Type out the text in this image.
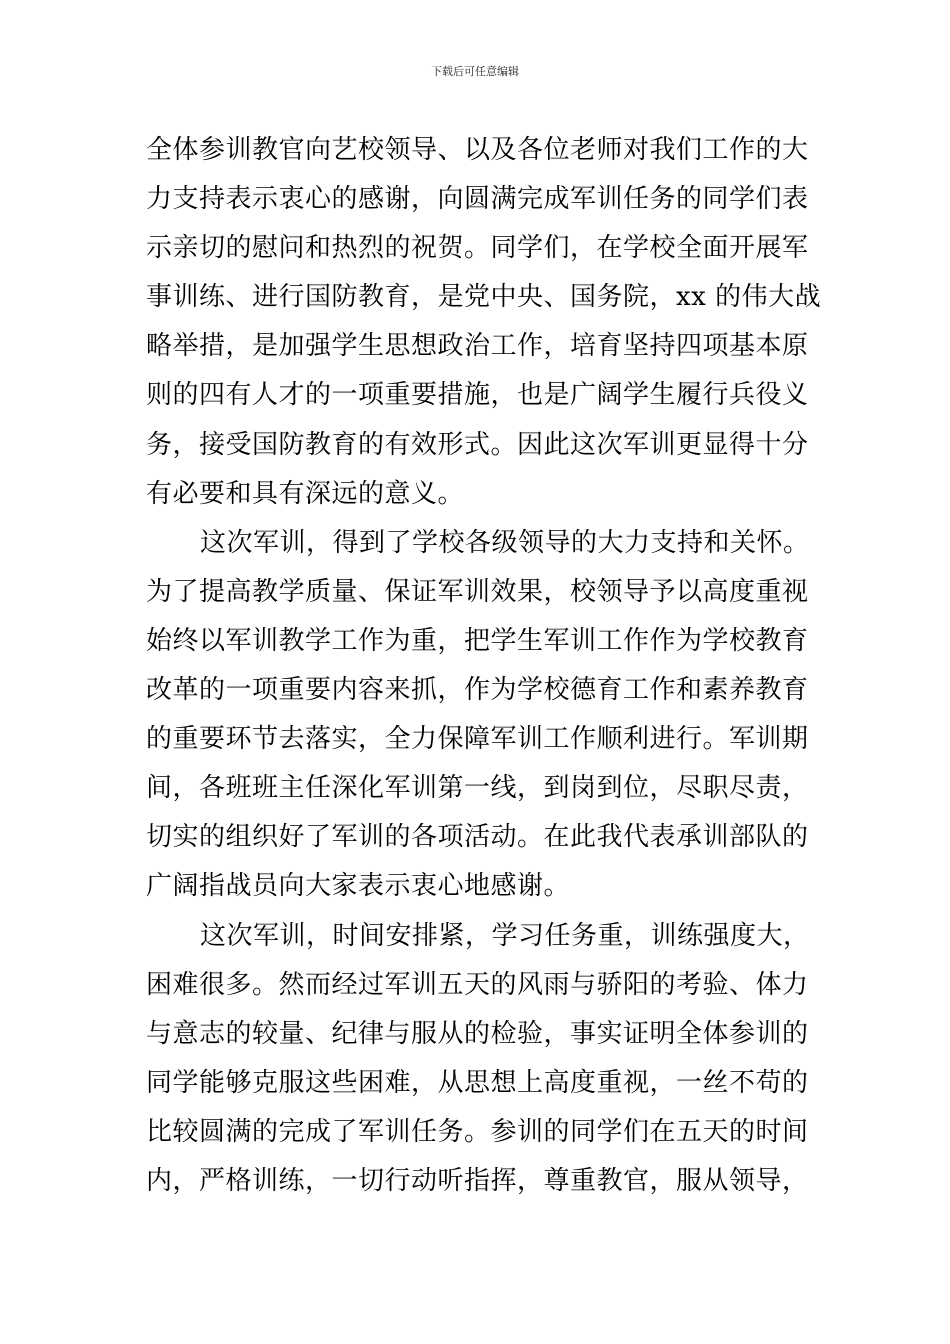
下载后可任意编辑
全体参训教官向艺校领导、以及各位老师对我们工作的大
力支持表示衷心的感谢，向圆满完成军训任务的同学们表
示亲切的慰问和热烈的祝贺。同学们，在学校全面开展军
事训练、进行国防教育，是党中央、国务院，xx 的伟大战
略举措，是加强学生思想政治工作，培育坚持四项基本原
则的四有人才的一项重要措施，也是广阔学生履行兵役义
务，接受国防教育的有效形式。因此这次军训更显得十分
有必要和具有深远的意义。
这次军训，得到了学校各级领导的大力支持和关怀。
为了提高教学质量、保证军训效果，校领导予以高度重视
始终以军训教学工作为重，把学生军训工作作为学校教育
改革的一项重要内容来抓，作为学校德育工作和素养教育
的重要环节去落实，全力保障军训工作顺利进行。军训期
间，各班班主任深化军训第一线，到岗到位，尽职尽责，
切实的组织好了军训的各项活动。在此我代表承训部队的
广阔指战员向大家表示衷心地感谢。
这次军训，时间安排紧，学习任务重，训练强度大，
困难很多。然而经过军训五天的风雨与骄阳的考验、体力
与意志的较量、纪律与服从的检验，事实证明全体参训的
同学能够克服这些困难，从思想上高度重视，一丝不苟的
比较圆满的完成了军训任务。参训的同学们在五天的时间
内，严格训练，一切行动听指挥，尊重教官，服从领导，
